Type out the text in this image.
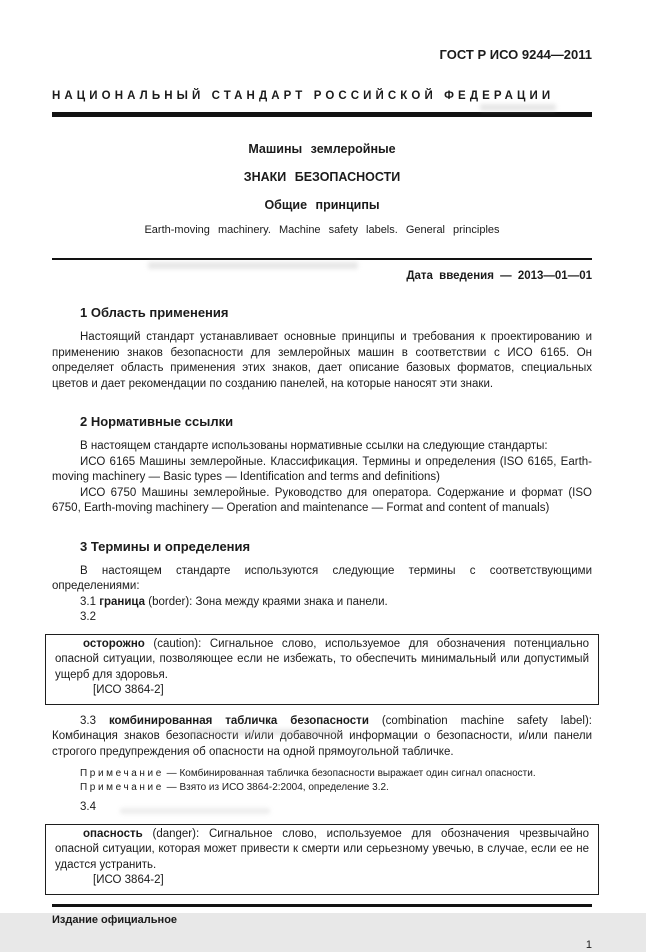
ГОСТ Р ИСО 9244—2011
НАЦИОНАЛЬНЫЙ СТАНДАРТ РОССИЙСКОЙ ФЕДЕРАЦИИ
Машины землеройные
ЗНАКИ БЕЗОПАСНОСТИ
Общие принципы
Earth-moving machinery. Machine safety labels. General principles
Дата введения — 2013—01—01
1 Область применения

Настоящий стандарт устанавливает основные принципы и требования к проектированию и применению знаков безопасности для землеройных машин в соответствии с ИСО 6165. Он определяет область применения этих знаков, дает описание базовых форматов, специальных цветов и дает рекомендации по созданию панелей, на которые наносят эти знаки.

2 Нормативные ссылки

В настоящем стандарте использованы нормативные ссылки на следующие стандарты:

ИСО 6165 Машины землеройные. Классификация. Термины и определения (ISO 6165, Earth-moving machinery — Basic types — Identification and terms and definitions)

ИСО 6750 Машины землеройные. Руководство для оператора. Содержание и формат (ISO 6750, Earth-moving machinery — Operation and maintenance — Format and content of manuals)

3 Термины и определения

В настоящем стандарте используются следующие термины с соответствующими определениями:

3.1 граница (border): Зона между краями знака и панели.

3.2

осторожно (caution): Сигнальное слово, используемое для обозначения потенциально опасной ситуации, позволяющее если не избежать, то обеспечить минимальный или допустимый ущерб для здоровья.

[ИСО 3864-2]

3.3 комбинированная табличка безопасности (combination machine safety label): Комбинация знаков безопасности и/или добавочной информации о безопасности, и/или панели строгого предупреждения об опасности на одной прямоугольной табличке.

Примечание — Комбинированная табличка безопасности выражает один сигнал опасности.

Примечание — Взято из ИСО 3864-2:2004, определение 3.2.

3.4

опасность (danger): Сигнальное слово, используемое для обозначения чрезвычайно опасной ситуации, которая может привести к смерти или серьезному увечью, в случае, если ее не удастся устранить.

[ИСО 3864-2]

Издание официальное
1
